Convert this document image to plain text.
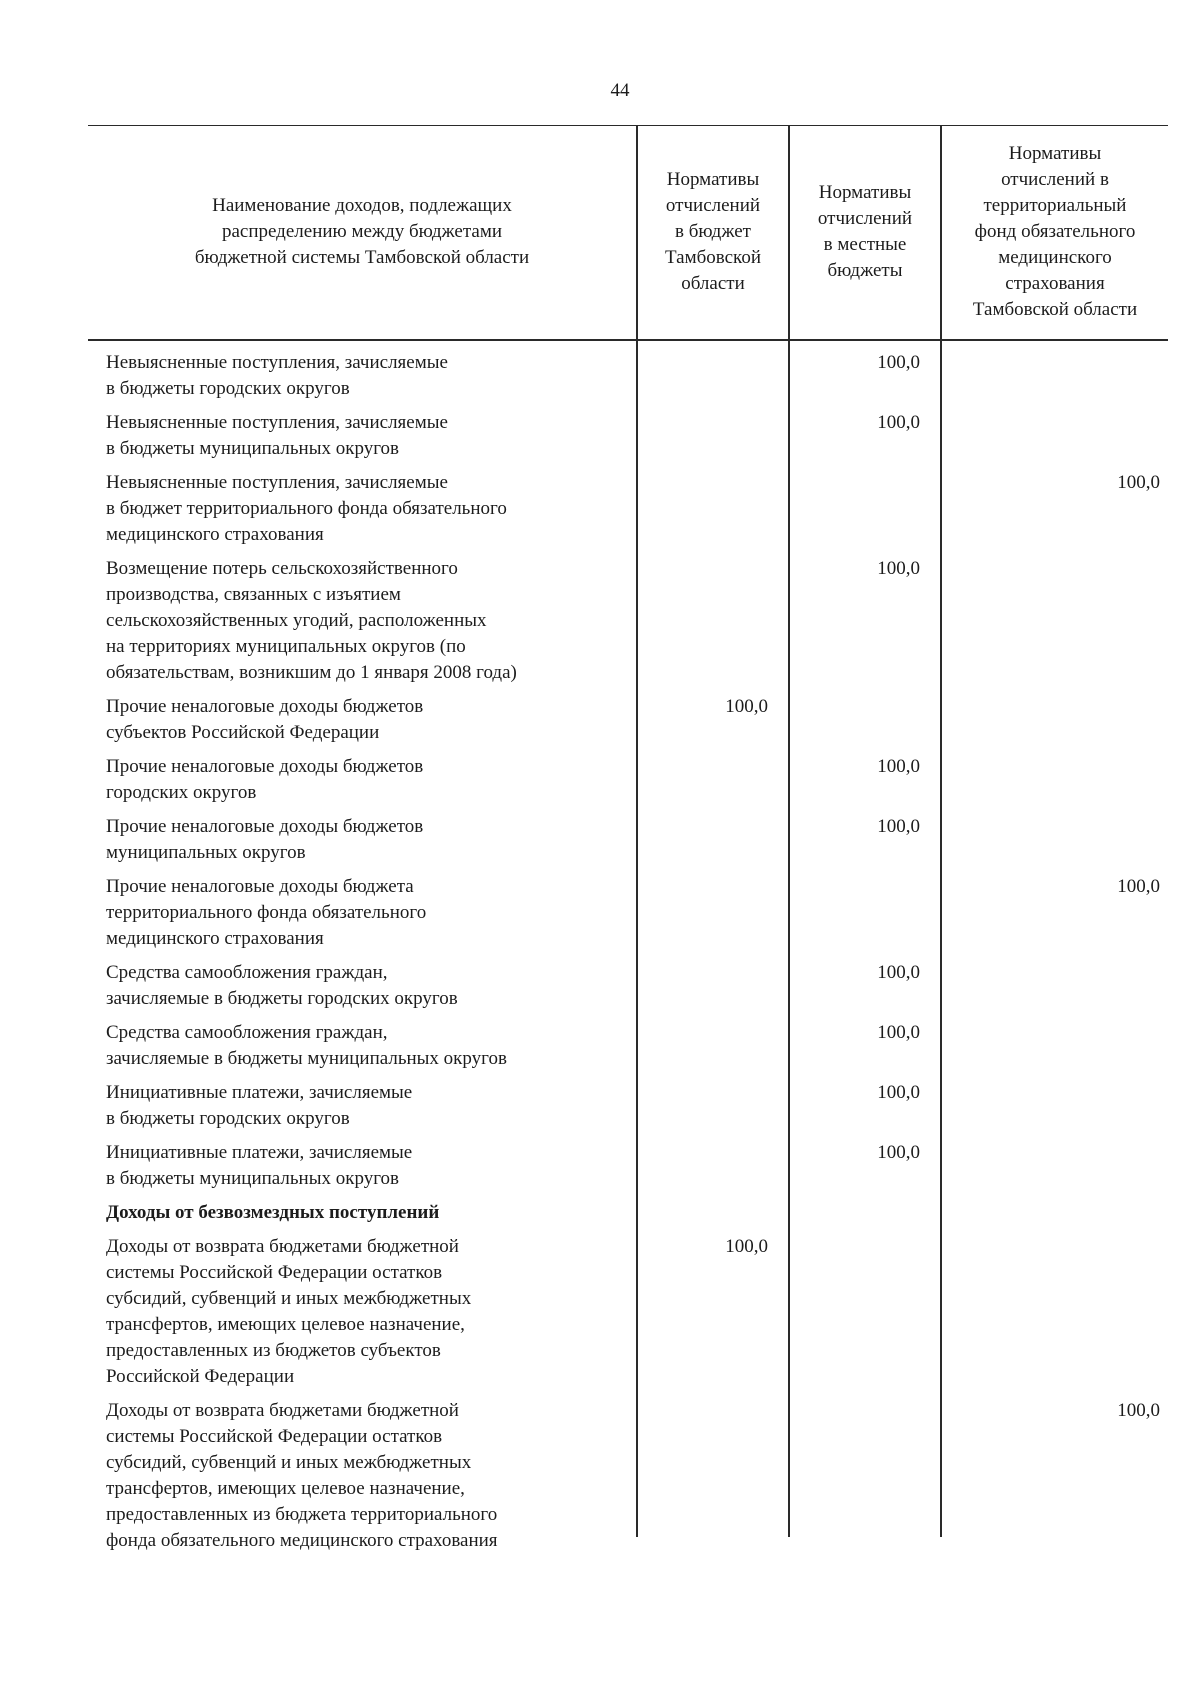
44
Наименование доходов, подлежащих
распределению между бюджетами
бюджетной системы Тамбовской области
Нормативы
отчислений
в бюджет
Тамбовской
области
Нормативы
отчислений
в местные
бюджеты
Нормативы
отчислений в
территориальный
фонд обязательного
медицинского
страхования
Тамбовской области
Невыясненные поступления, зачисляемые
в бюджеты городских округов
100,0
Невыясненные поступления, зачисляемые
в бюджеты муниципальных округов
100,0
Невыясненные поступления, зачисляемые
в бюджет территориального фонда обязательного
медицинского страхования
100,0
Возмещение потерь сельскохозяйственного
производства, связанных с изъятием
сельскохозяйственных угодий, расположенных
на территориях муниципальных округов (по
обязательствам, возникшим до 1 января 2008 года)
100,0
Прочие неналоговые доходы бюджетов
субъектов Российской Федерации
100,0
Прочие неналоговые доходы бюджетов
городских округов
100,0
Прочие неналоговые доходы бюджетов
муниципальных округов
100,0
Прочие неналоговые доходы бюджета
территориального фонда обязательного
медицинского страхования
100,0
Средства самообложения граждан,
зачисляемые в бюджеты городских округов
100,0
Средства самообложения граждан,
зачисляемые в бюджеты муниципальных округов
100,0
Инициативные платежи, зачисляемые
в бюджеты городских округов
100,0
Инициативные платежи, зачисляемые
в бюджеты муниципальных округов
100,0
Доходы от безвозмездных поступлений
Доходы от возврата бюджетами бюджетной
системы Российской Федерации остатков
субсидий, субвенций и иных межбюджетных
трансфертов, имеющих целевое назначение,
предоставленных из бюджетов субъектов
Российской Федерации
100,0
Доходы от возврата бюджетами бюджетной
системы Российской Федерации остатков
субсидий, субвенций и иных межбюджетных
трансфертов, имеющих целевое назначение,
предоставленных из бюджета территориального
фонда обязательного медицинского страхования
100,0
